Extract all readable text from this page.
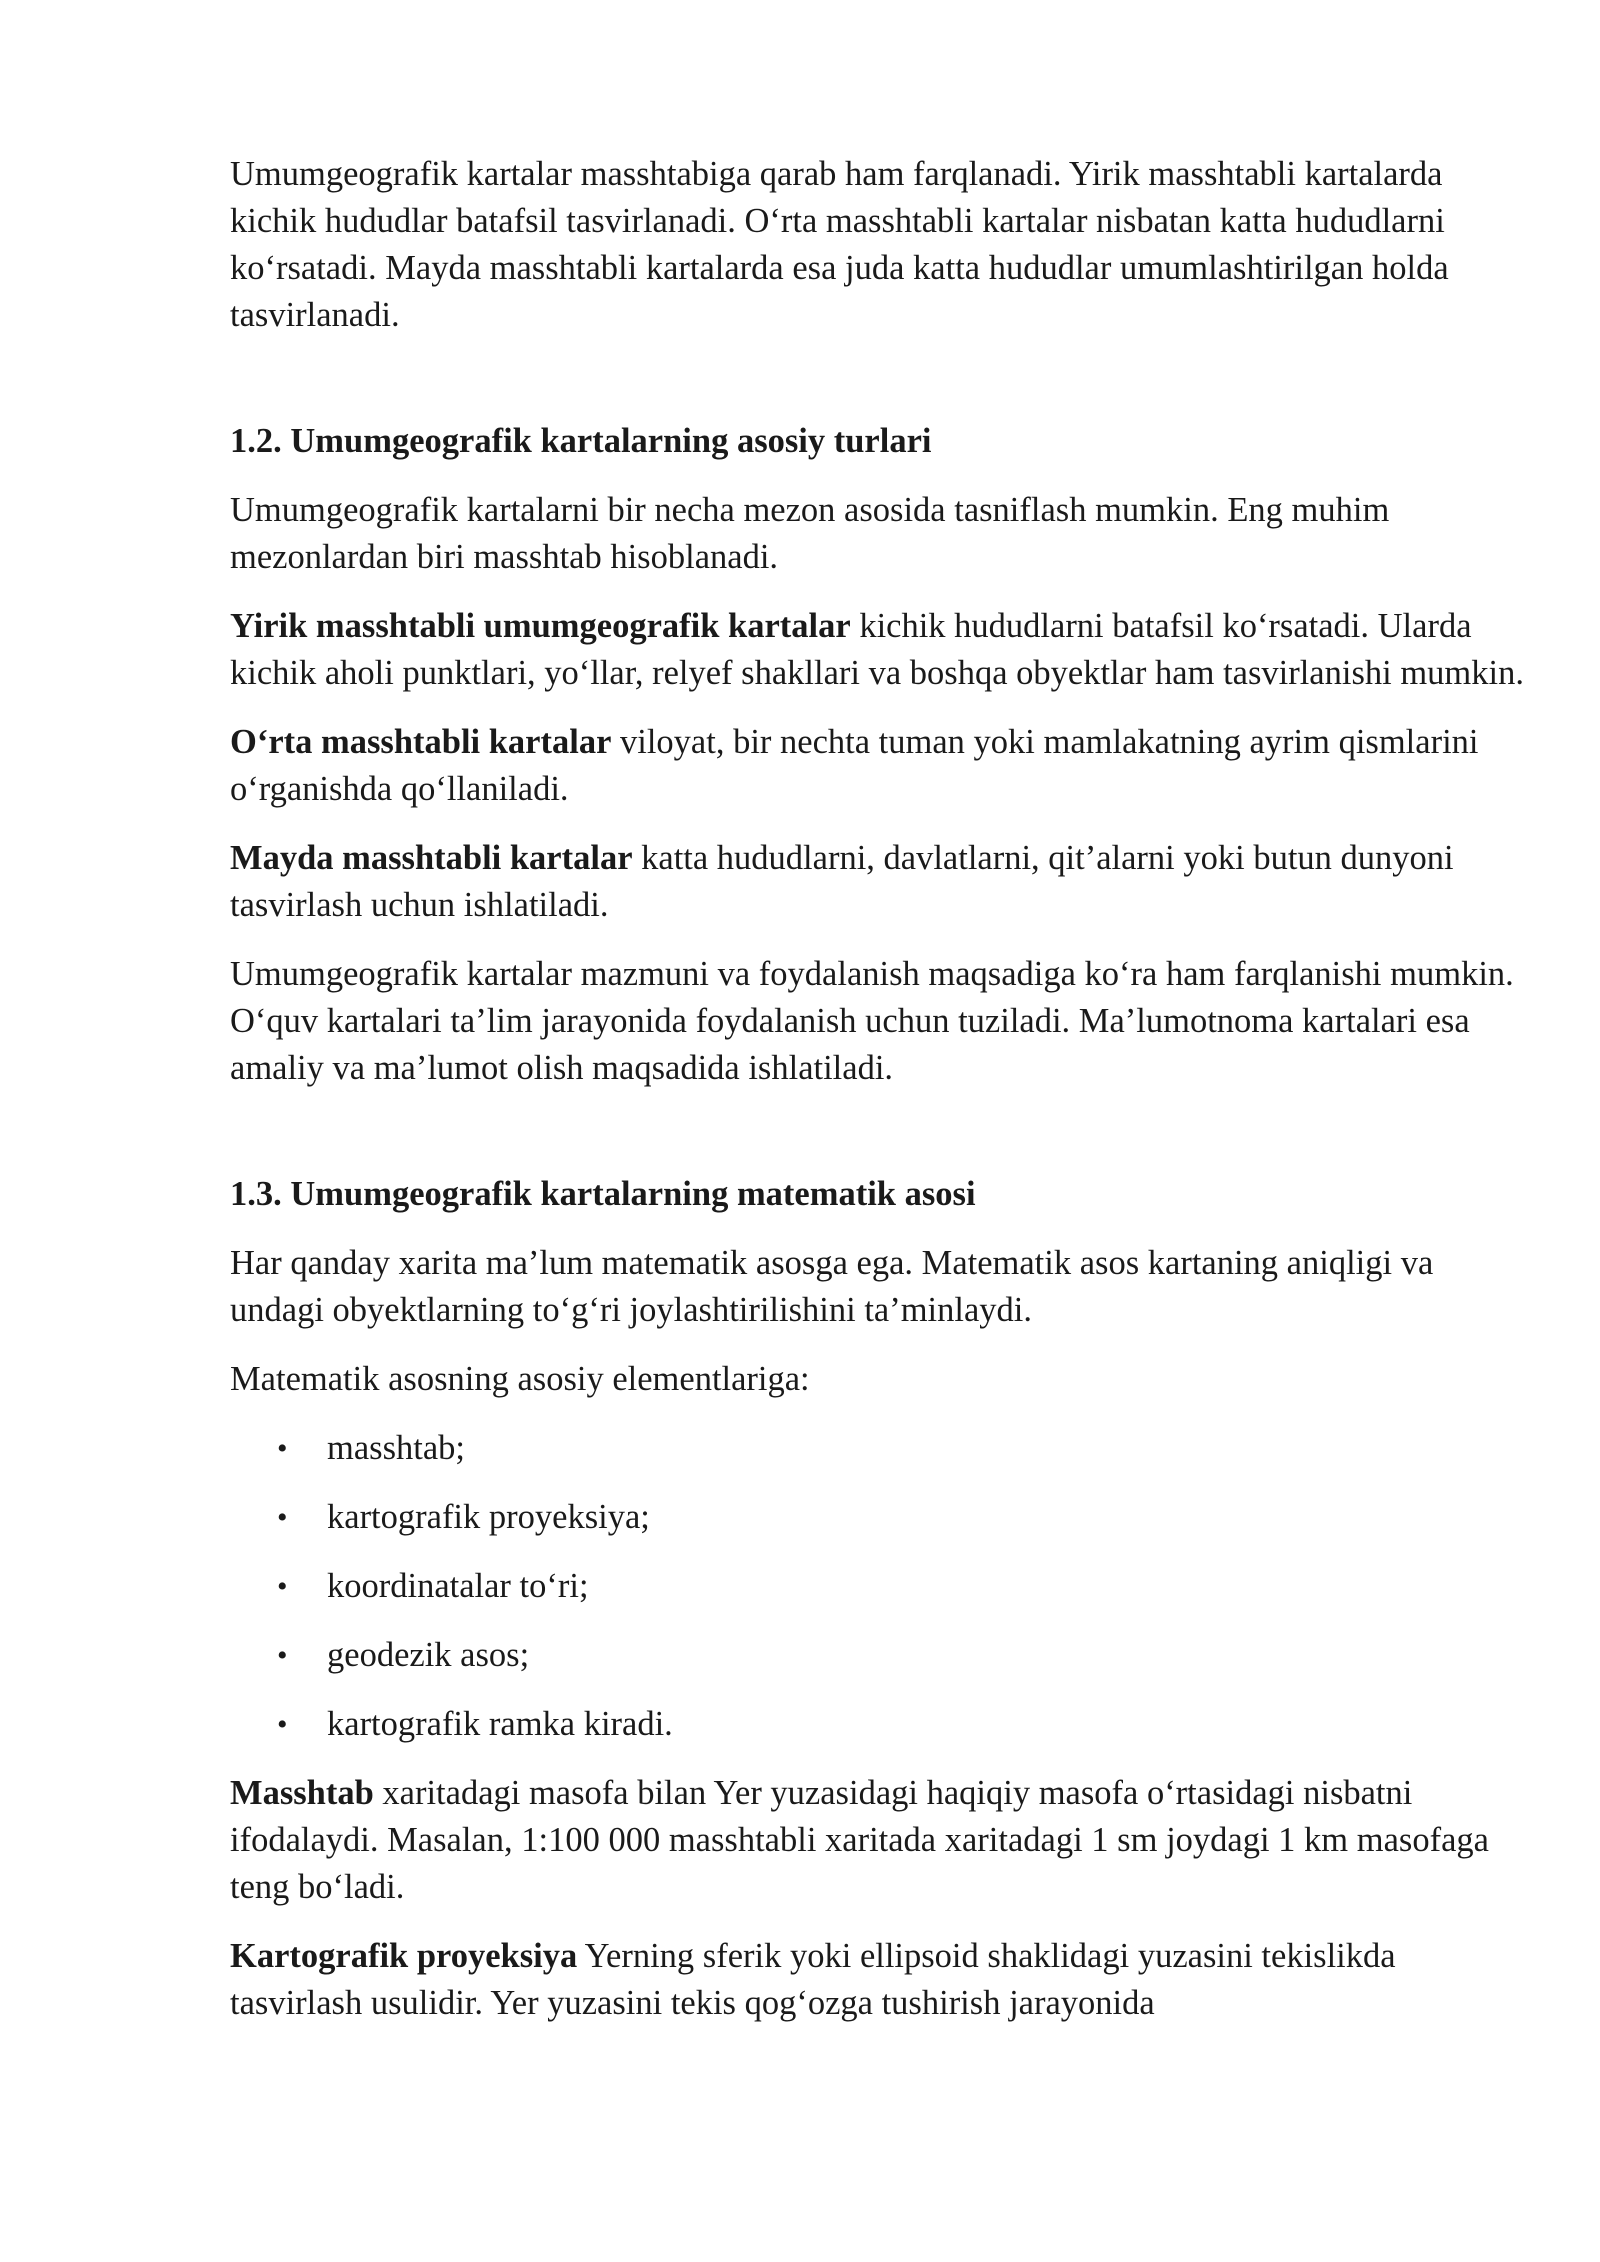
Umumgeografik kartalar masshtabiga qarab ham farqlanadi. Yirik masshtabli kartalarda kichik hududlar batafsil tasvirlanadi. O‘rta masshtabli kartalar nisbatan katta hududlarni ko‘rsatadi. Mayda masshtabli kartalarda esa juda katta hududlar umumlashtirilgan holda tasvirlanadi.

1.2. Umumgeografik kartalarning asosiy turlari

Umumgeografik kartalarni bir necha mezon asosida tasniflash mumkin. Eng muhim mezonlardan biri masshtab hisoblanadi.

Yirik masshtabli umumgeografik kartalar kichik hududlarni batafsil ko‘rsatadi. Ularda kichik aholi punktlari, yo‘llar, relyef shakllari va boshqa obyektlar ham tasvirlanishi mumkin.

O‘rta masshtabli kartalar viloyat, bir nechta tuman yoki mamlakatning ayrim qismlarini o‘rganishda qo‘llaniladi.

Mayda masshtabli kartalar katta hududlarni, davlatlarni, qit’alarni yoki butun dunyoni tasvirlash uchun ishlatiladi.

Umumgeografik kartalar mazmuni va foydalanish maqsadiga ko‘ra ham farqlanishi mumkin. O‘quv kartalari ta’lim jarayonida foydalanish uchun tuziladi. Ma’lumotnoma kartalari esa amaliy va ma’lumot olish maqsadida ishlatiladi.

1.3. Umumgeografik kartalarning matematik asosi

Har qanday xarita ma’lum matematik asosga ega. Matematik asos kartaning aniqligi va undagi obyektlarning to‘g‘ri joylashtirilishini ta’minlaydi.

Matematik asosning asosiy elementlariga:

• masshtab;
• kartografik proyeksiya;
• koordinatalar to‘ri;
• geodezik asos;
• kartografik ramka kiradi.

Masshtab xaritadagi masofa bilan Yer yuzasidagi haqiqiy masofa o‘rtasidagi nisbatni ifodalaydi. Masalan, 1:100 000 masshtabli xaritada xaritadagi 1 sm joydagi 1 km masofaga teng bo‘ladi.

Kartografik proyeksiya Yerning sferik yoki ellipsoid shaklidagi yuzasini tekislikda tasvirlash usulidir. Yer yuzasini tekis qog‘ozga tushirish jarayonida
